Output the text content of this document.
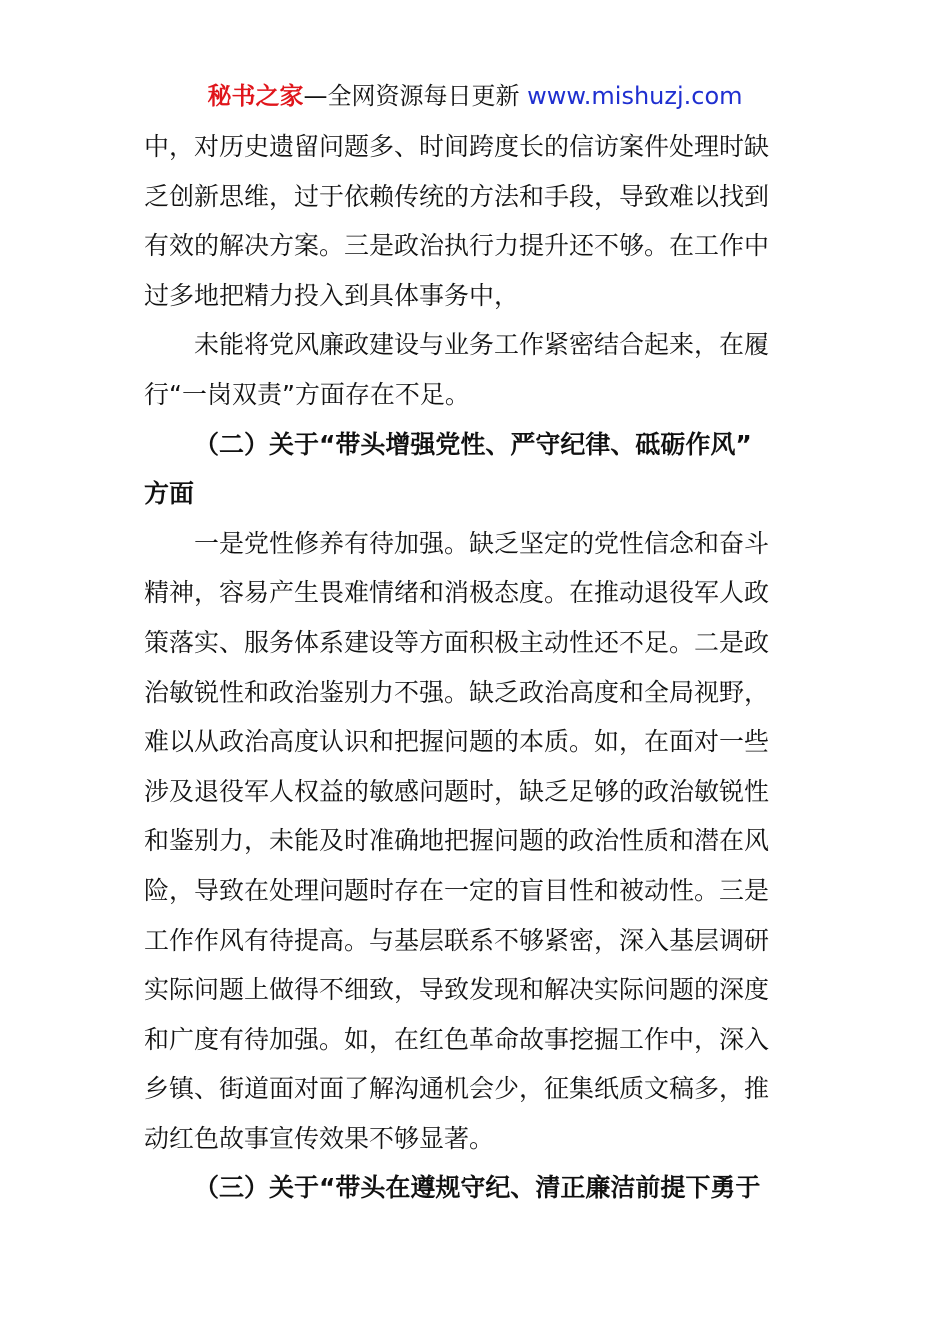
秘书之家—全网资源每日更新 www.mishuzj.com

中，对历史遗留问题多、时间跨度长的信访案件处理时缺

乏创新思维，过于依赖传统的方法和手段，导致难以找到

有效的解决方案。三是政治执行力提升还不够。在工作中

过多地把精力投入到具体事务中，

未能将党风廉政建设与业务工作紧密结合起来，在履

行“一岗双责”方面存在不足。

（二）关于“带头增强党性、严守纪律、砥砺作风”

方面

一是党性修养有待加强。缺乏坚定的党性信念和奋斗

精神，容易产生畏难情绪和消极态度。在推动退役军人政

策落实、服务体系建设等方面积极主动性还不足。二是政

治敏锐性和政治鉴别力不强。缺乏政治高度和全局视野，

难以从政治高度认识和把握问题的本质。如，在面对一些

涉及退役军人权益的敏感问题时，缺乏足够的政治敏锐性

和鉴别力，未能及时准确地把握问题的政治性质和潜在风

险，导致在处理问题时存在一定的盲目性和被动性。三是

工作作风有待提高。与基层联系不够紧密，深入基层调研

实际问题上做得不细致，导致发现和解决实际问题的深度

和广度有待加强。如，在红色革命故事挖掘工作中，深入

乡镇、街道面对面了解沟通机会少，征集纸质文稿多，推

动红色故事宣传效果不够显著。

（三）关于“带头在遵规守纪、清正廉洁前提下勇于
